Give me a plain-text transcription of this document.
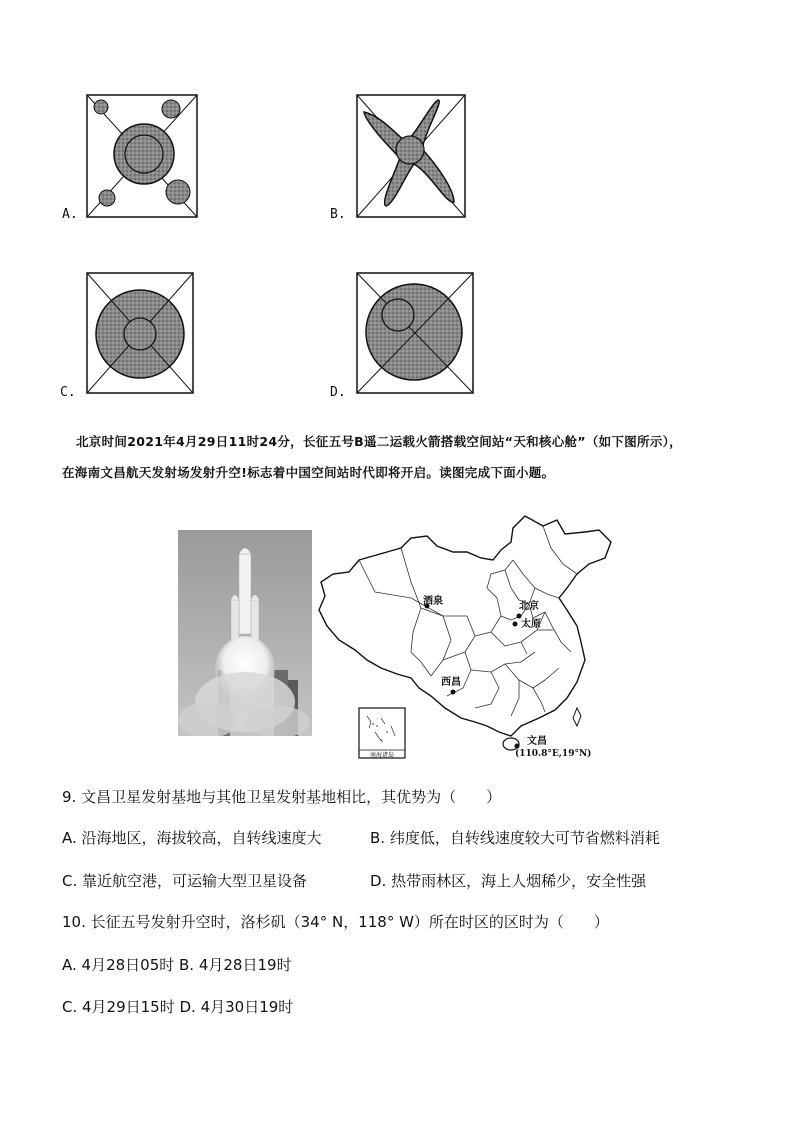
A.	B.
C.	D.
北京时间2021年4月29日11时24分，长征五号B遥二运载火箭搭载空间站“天和核心舱”（如下图所示），
在海南文昌航天发射场发射升空!标志着中国空间站时代即将开启。读图完成下面小题。
酒泉	北京
太原
西昌
文昌
(110.8°E,19°N)
南海诸岛
9. 文昌卫星发射基地与其他卫星发射基地相比，其优势为（　　）
A. 沿海地区，海拔较高，自转线速度大	B. 纬度低，自转线速度较大可节省燃料消耗
C. 靠近航空港，可运输大型卫星设备	D. 热带雨林区，海上人烟稀少，安全性强
10. 长征五号发射升空时，洛杉矶（34° N，118° W）所在时区的区时为（　　）
A. 4月28日05时 B. 4月28日19时
C. 4月29日15时 D. 4月30日19时
